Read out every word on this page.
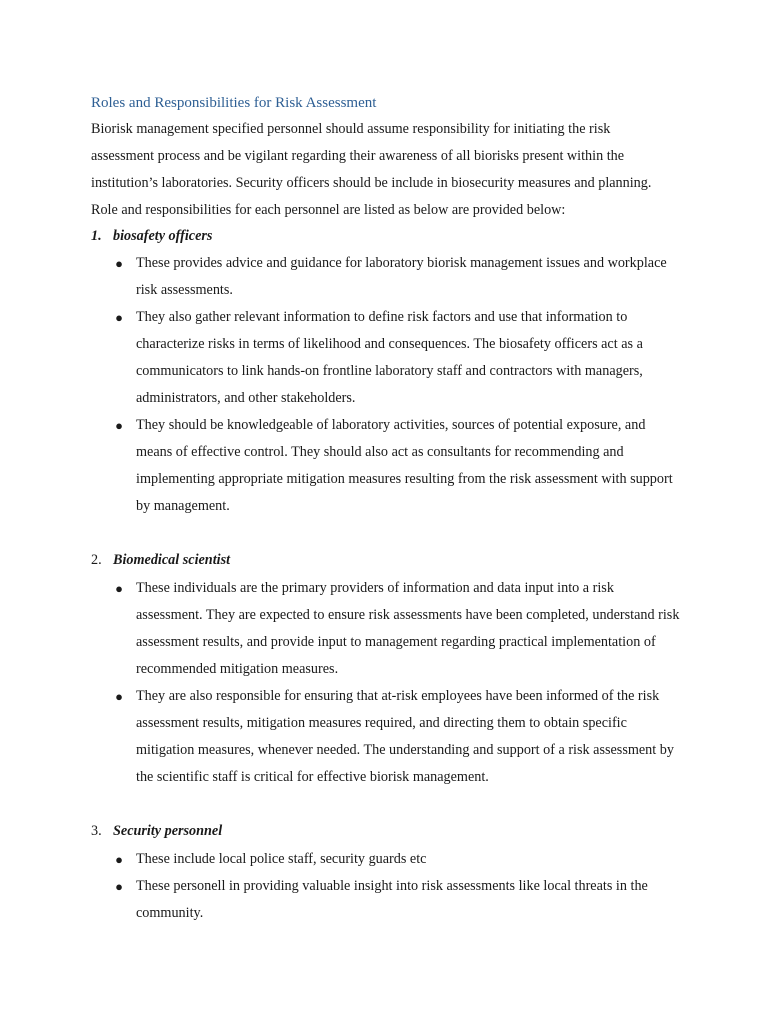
Roles and Responsibilities for Risk Assessment

Biorisk management specified personnel should assume responsibility for initiating the risk assessment process and be vigilant regarding their awareness of all biorisks present within the institution’s laboratories. Security officers should be include in biosecurity measures and planning. Role and responsibilities for each personnel are listed as below are provided below:

1. biosafety officers
● These provides advice and guidance for laboratory biorisk management issues and workplace risk assessments.
● They also gather relevant information to define risk factors and use that information to characterize risks in terms of likelihood and consequences. The biosafety officers act as a communicators to link hands-on frontline laboratory staff and contractors with managers, administrators, and other stakeholders.
● They should be knowledgeable of laboratory activities, sources of potential exposure, and means of effective control. They should also act as consultants for recommending and implementing appropriate mitigation measures resulting from the risk assessment with support by management.
2. Biomedical scientist
● These individuals are the primary providers of information and data input into a risk assessment. They are expected to ensure risk assessments have been completed, understand risk assessment results, and provide input to management regarding practical implementation of recommended mitigation measures.
● They are also responsible for ensuring that at-risk employees have been informed of the risk assessment results, mitigation measures required, and directing them to obtain specific mitigation measures, whenever needed. The understanding and support of a risk assessment by the scientific staff is critical for effective biorisk management.
3. Security personnel
● These include local police staff, security guards etc
● These personell in providing valuable insight into risk assessments like local threats in the community.
